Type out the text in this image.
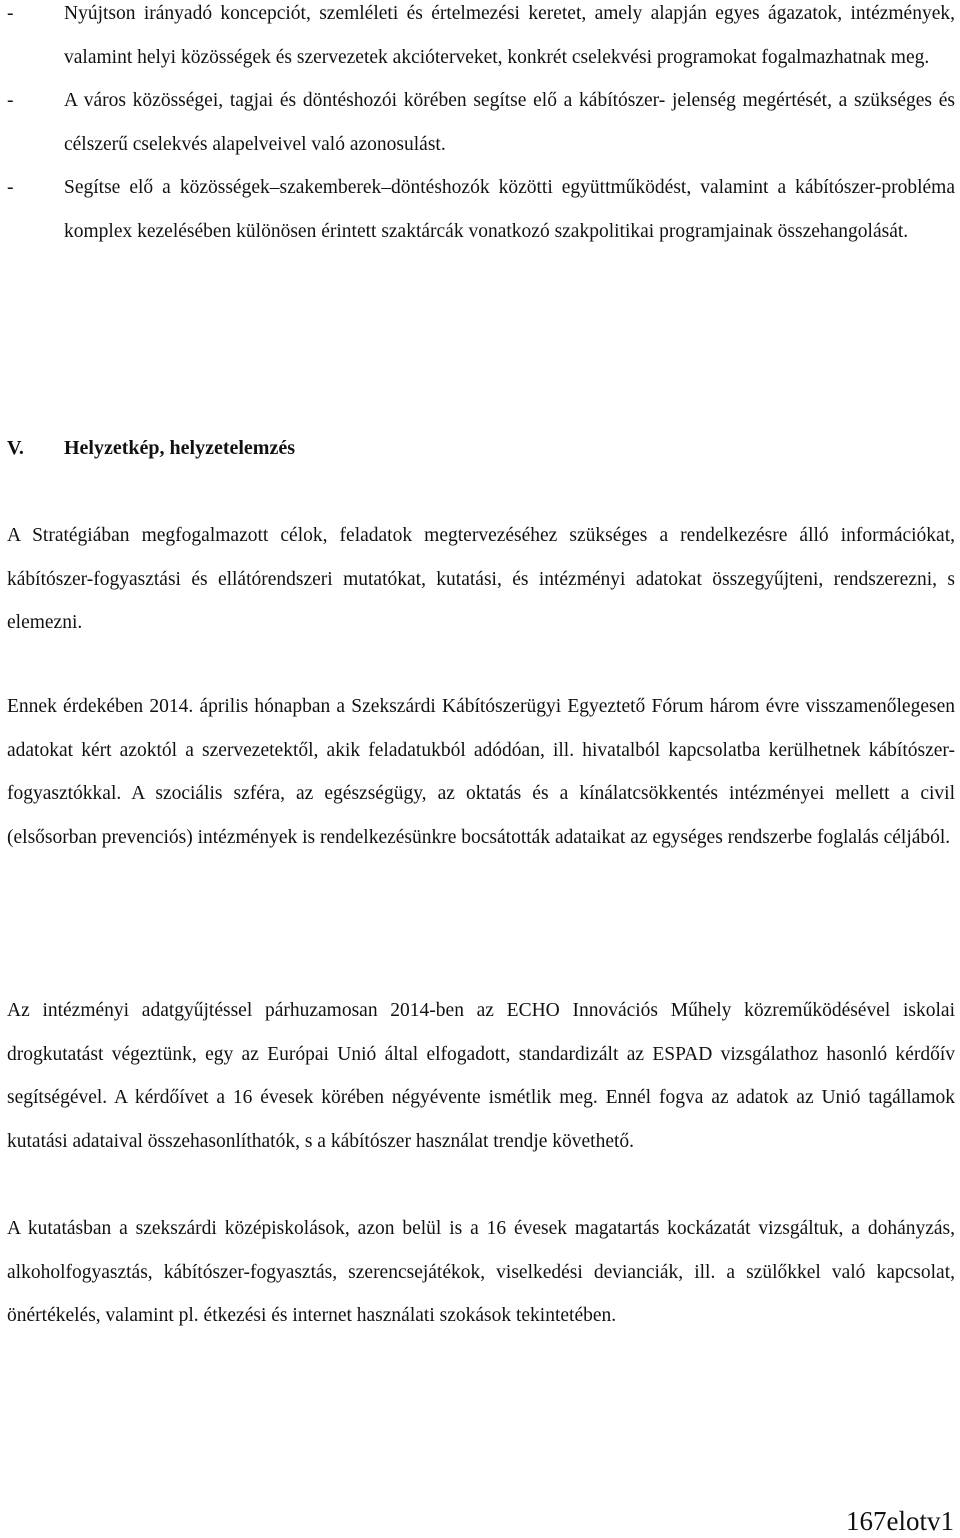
-	Nyújtson irányadó koncepciót, szemléleti és értelmezési keretet, amely alapján egyes ágazatok, intézmények, valamint helyi közösségek és szervezetek akcióterveket, konkrét cselekvési programokat fogalmazhatnak meg.
-	A város közösségei, tagjai és döntéshozói körében segítse elő a kábítószer- jelenség megértését, a szükséges és célszerű cselekvés alapelveivel való azonosulást.
-	Segítse elő a közösségek–szakemberek–döntéshozók közötti együttműködést, valamint a kábítószer-probléma komplex kezelésében különösen érintett szaktárcák vonatkozó szakpolitikai programjainak összehangolását.
V. Helyzetkép, helyzetelemzés
A Stratégiában megfogalmazott célok, feladatok megtervezéséhez szükséges a rendelkezésre álló információkat, kábítószer-fogyasztási és ellátórendszeri mutatókat, kutatási, és intézményi adatokat összegyűjteni, rendszerezni, s elemezni.
Ennek érdekében 2014. április hónapban a Szekszárdi Kábítószerügyi Egyeztető Fórum három évre visszamenőlegesen adatokat kért azoktól a szervezetektől, akik feladatukból adódóan, ill. hivatalból kapcsolatba kerülhetnek kábítószer-fogyasztókkal. A szociális szféra, az egészségügy, az oktatás és a kínálatcsökkentés intézményei mellett a civil (elsősorban prevenciós) intézmények is rendelkezésünkre bocsátották adataikat az egységes rendszerbe foglalás céljából.
Az intézményi adatgyűjtéssel párhuzamosan 2014-ben az ECHO Innovációs Műhely közreműködésével iskolai drogkutatást végeztünk, egy az Európai Unió által elfogadott, standardizált az ESPAD vizsgálathoz hasonló kérdőív segítségével. A kérdőívet a 16 évesek körében négyévente ismétlik meg. Ennél fogva az adatok az Unió tagállamok kutatási adataival összehasonlíthatók, s a kábítószer használat trendje követhető.
A kutatásban a szekszárdi középiskolások, azon belül is a 16 évesek magatartás kockázatát vizsgáltuk, a dohányzás, alkoholfogyasztás, kábítószer-fogyasztás, szerencsejátékok, viselkedési devianciák, ill. a szülőkkel való kapcsolat, önértékelés, valamint pl. étkezési és internet használati szokások tekintetében.
167elotv1
